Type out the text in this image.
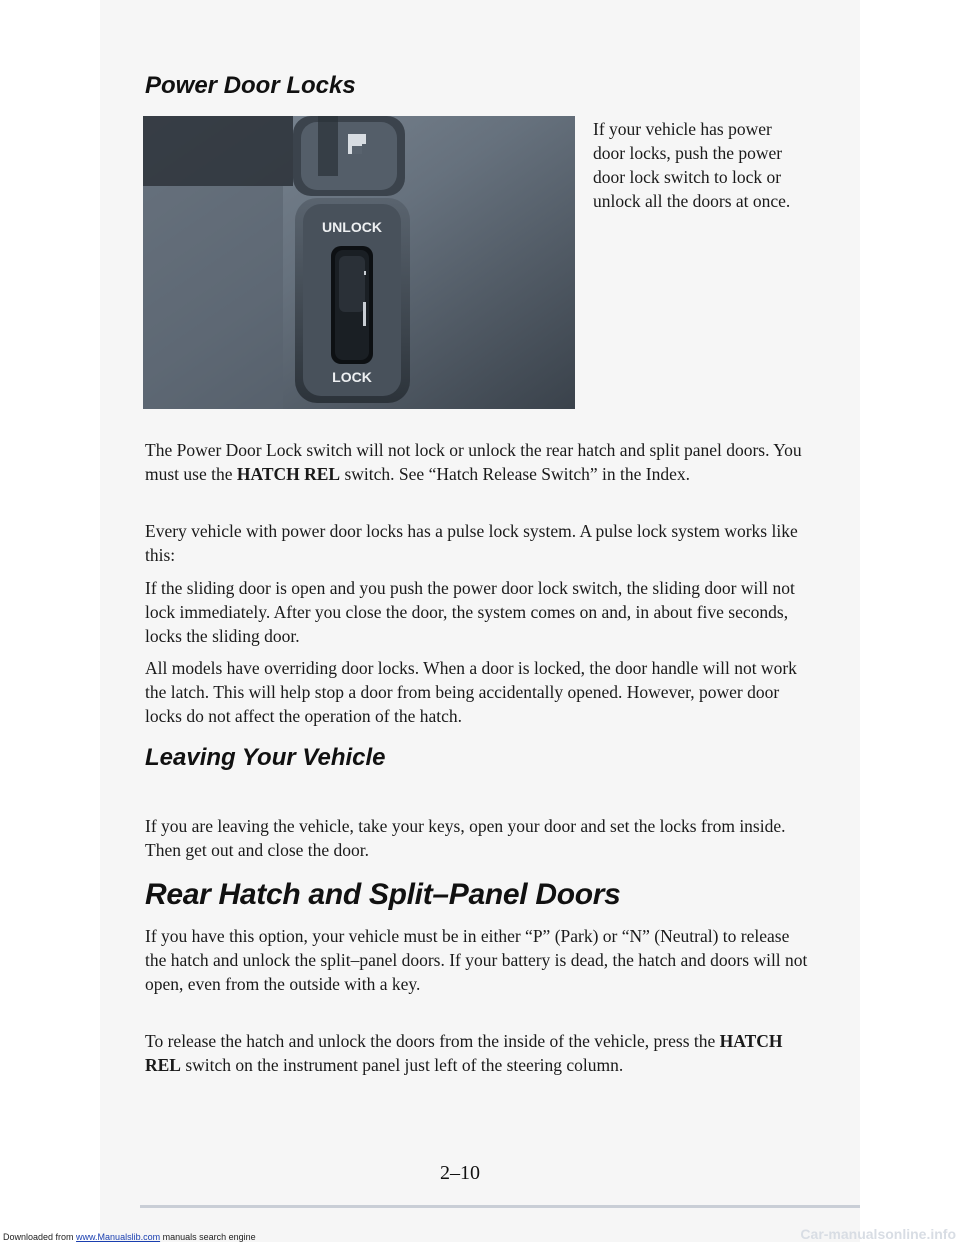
Power Door Locks
UNLOCK
LOCK

If your vehicle has power door locks, push the power door lock switch to lock or unlock all the doors at once.

The Power Door Lock switch will not lock or unlock the rear hatch and split panel doors. You must use the HATCH REL switch. See “Hatch Release Switch” in the Index.

Every vehicle with power door locks has a pulse lock system. A pulse lock system works like this:

If the sliding door is open and you push the power door lock switch, the sliding door will not lock immediately. After you close the door, the system comes on and, in about five seconds, locks the sliding door.

All models have overriding door locks. When a door is locked, the door handle will not work the latch. This will help stop a door from being accidentally opened. However, power door locks do not affect the operation of the hatch.

Leaving Your Vehicle

If you are leaving the vehicle, take your keys, open your door and set the locks from inside. Then get out and close the door.

Rear Hatch and Split–Panel Doors

If you have this option, your vehicle must be in either “P” (Park) or “N” (Neutral) to release the hatch and unlock the split–panel doors. If your battery is dead, the hatch and doors will not open, even from the outside with a key.

To release the hatch and unlock the doors from the inside of the vehicle, press the HATCH REL switch on the instrument panel just left of the steering column.

2–10

Downloaded from www.Manualslib.com manuals search engine	Car-manualsonline.info
